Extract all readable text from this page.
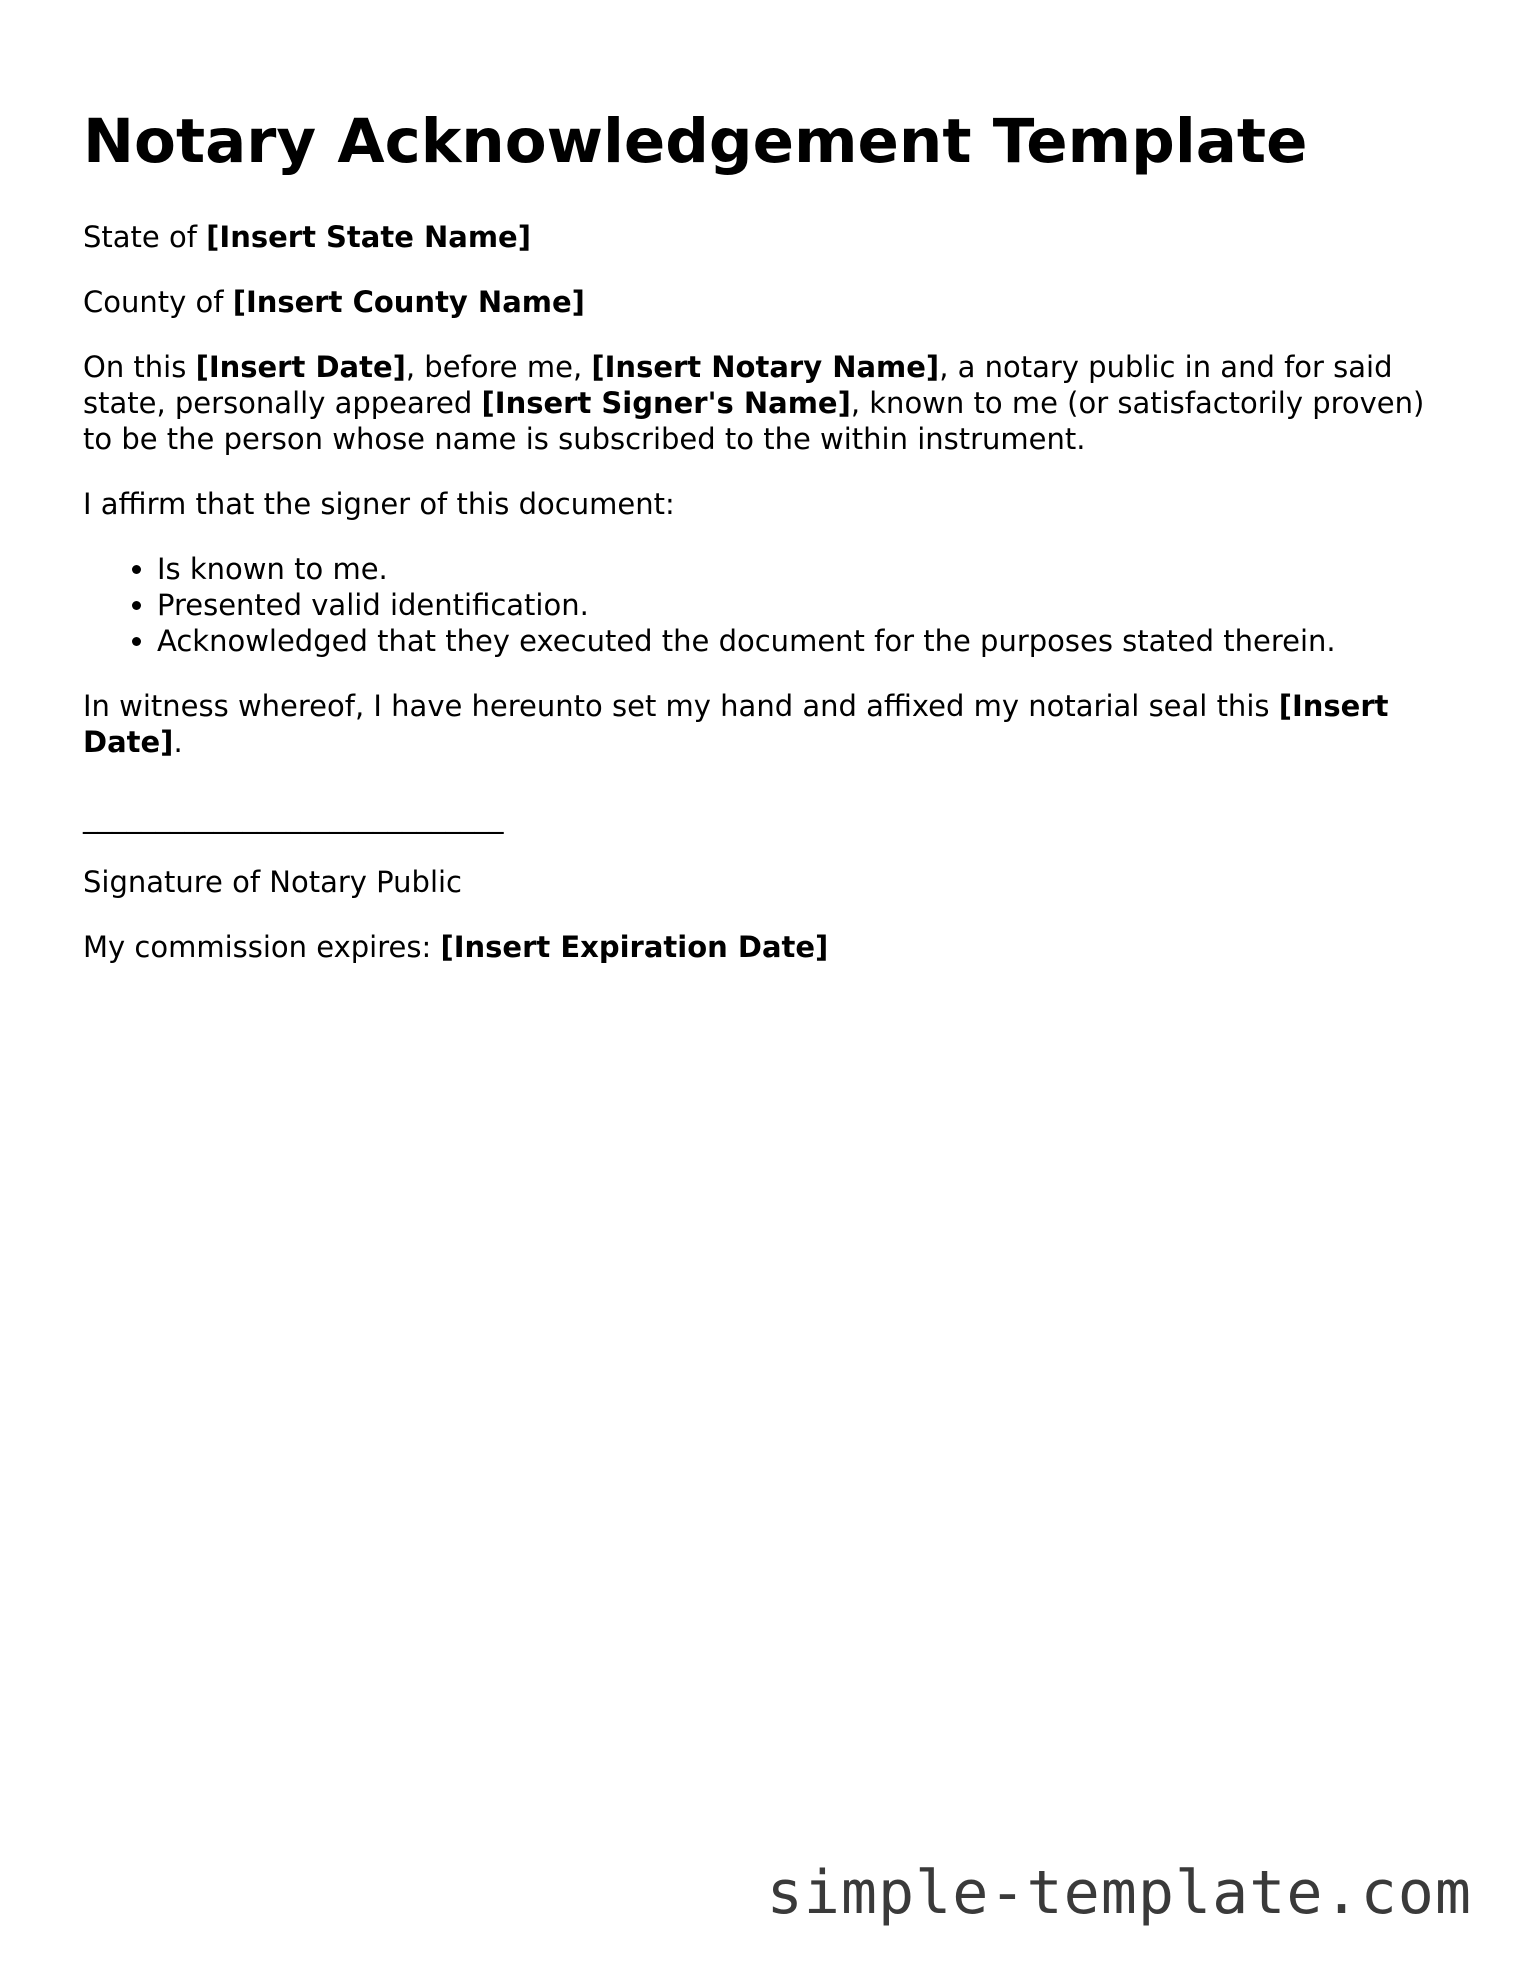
Notary Acknowledgement Template

State of [Insert State Name]

County of [Insert County Name]

On this [Insert Date], before me, [Insert Notary Name], a notary public in and for said state, personally appeared [Insert Signer's Name], known to me (or satisfactorily proven) to be the person whose name is subscribed to the within instrument.

I affirm that the signer of this document:

• Is known to me.
• Presented valid identification.
• Acknowledged that they executed the document for the purposes stated therein.

In witness whereof, I have hereunto set my hand and affixed my notarial seal this [Insert Date].

_____________________________

Signature of Notary Public

My commission expires: [Insert Expiration Date]

simple-template.com
